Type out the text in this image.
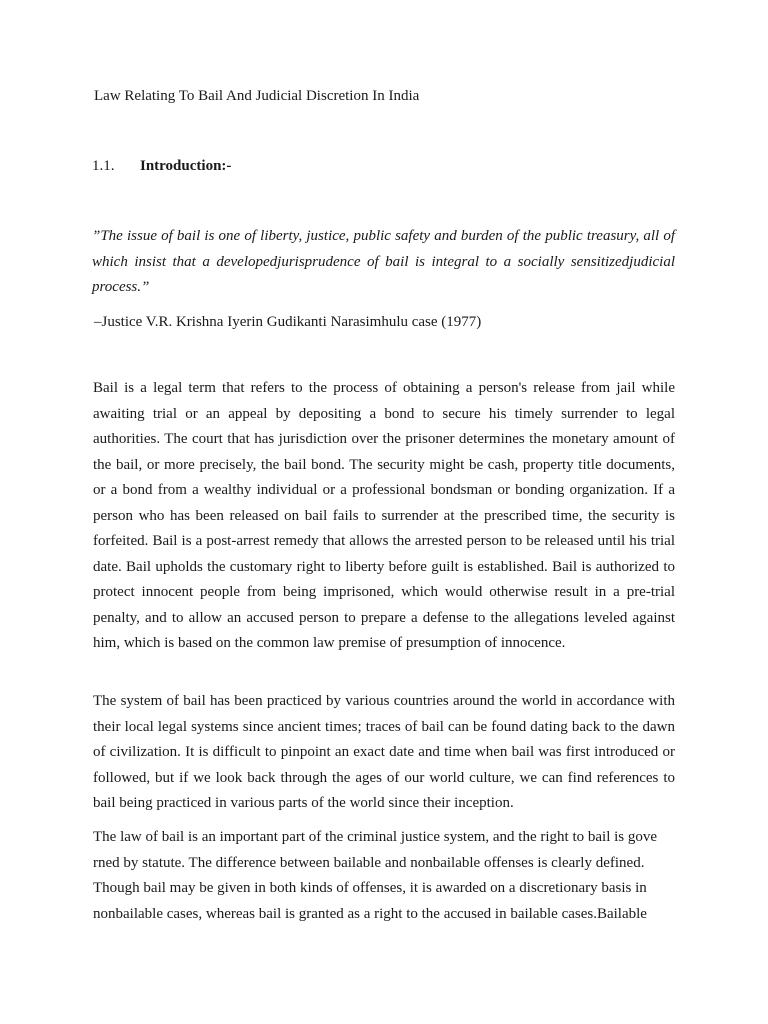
Law Relating To Bail And Judicial Discretion In India
1.1. Introduction:-
”The issue of bail is one of liberty, justice, public safety and burden of the public treasury, all of which insist that a developedjurisprudence of bail is integral to a socially sensitizedjudicial process.”
–Justice V.R. Krishna Iyerin Gudikanti Narasimhulu case (1977)

Bail is a legal term that refers to the process of obtaining a person's release from jail while awaiting trial or an appeal by depositing a bond to secure his timely surrender to legal authorities. The court that has jurisdiction over the prisoner determines the monetary amount of the bail, or more precisely, the bail bond. The security might be cash, property title documents, or a bond from a wealthy individual or a professional bondsman or bonding organization. If a person who has been released on bail fails to surrender at the prescribed time, the security is forfeited. Bail is a post-arrest remedy that allows the arrested person to be released until his trial date. Bail upholds the customary right to liberty before guilt is established. Bail is authorized to protect innocent people from being imprisoned, which would otherwise result in a pre-trial penalty, and to allow an accused person to prepare a defense to the allegations leveled against him, which is based on the common law premise of presumption of innocence.

The system of bail has been practiced by various countries around the world in accordance with their local legal systems since ancient times; traces of bail can be found dating back to the dawn of civilization. It is difficult to pinpoint an exact date and time when bail was first introduced or followed, but if we look back through the ages of our world culture, we can find references to bail being practiced in various parts of the world since their inception.

The law of bail is an important part of the criminal justice system, and the right to bail is gove
rned by statute. The difference between bailable and nonbailable offenses is clearly defined.
Though bail may be given in both kinds of offenses, it is awarded on a discretionary basis in
nonbailable cases, whereas bail is granted as a right to the accused in bailable cases.Bailable
